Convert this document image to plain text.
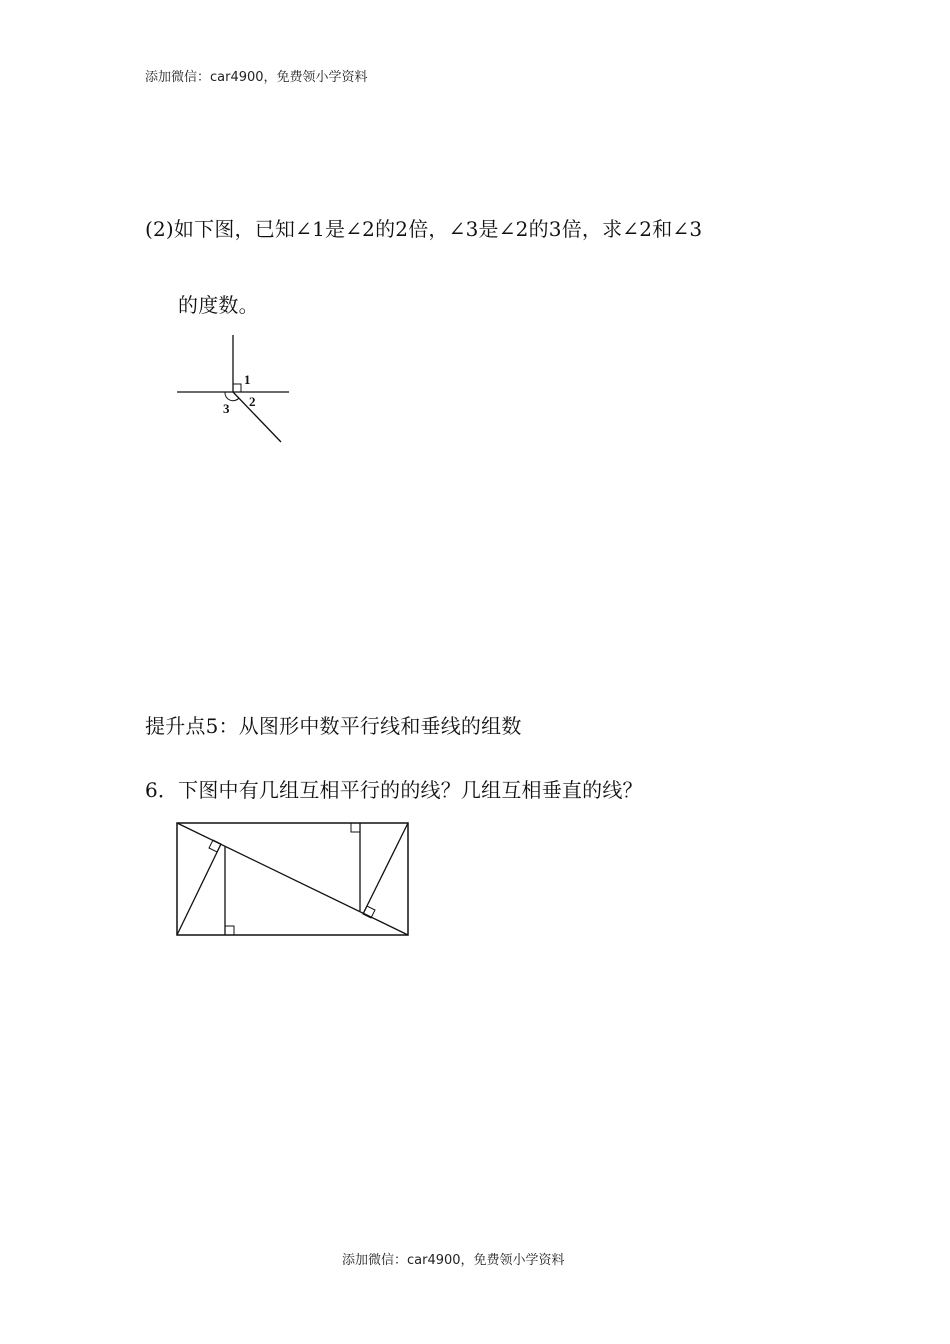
添加微信：car4900，免费领小学资料
(2)如下图，已知∠1是∠2的2倍，∠3是∠2的3倍，求∠2和∠3
的度数。
1
2
3
提升点5：从图形中数平行线和垂线的组数
6．下图中有几组互相平行的的线？几组互相垂直的线？
添加微信：car4900，免费领小学资料
